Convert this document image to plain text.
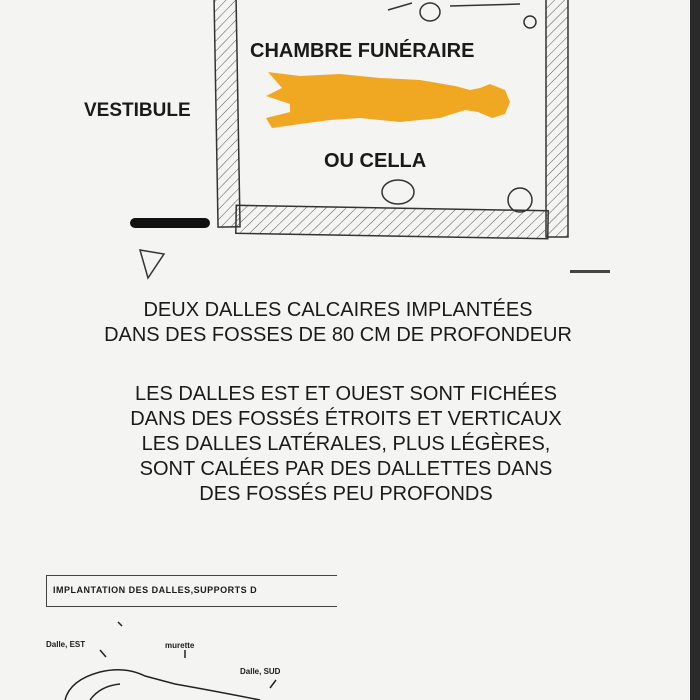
CHAMBRE FUNÉRAIRE
OU CELLA
VESTIBULE
DEUX DALLES CALCAIRES IMPLANTÉES
DANS DES FOSSES DE 80 CM DE PROFONDEUR
LES DALLES EST ET OUEST SONT FICHÉES
DANS DES FOSSÉS ÉTROITS ET VERTICAUX
LES DALLES LATÉRALES, PLUS LÉGÈRES,
SONT CALÉES PAR DES DALLETTES DANS
DES FOSSÉS PEU PROFONDS
IMPLANTATION DES DALLES,SUPPORTS D
Dalle, EST	murette
Dalle, SUD
